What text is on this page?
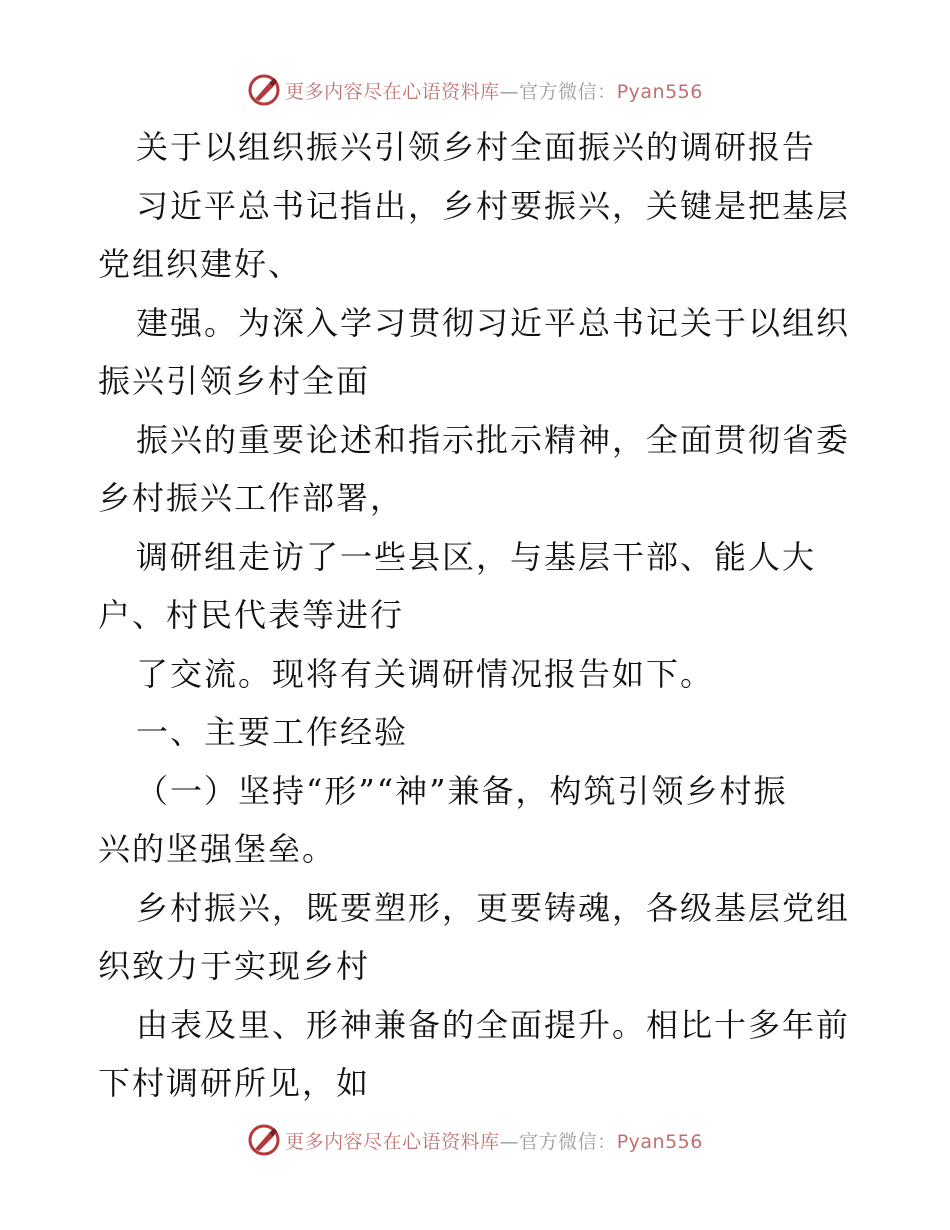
更多内容尽在心语资料库—官方微信：Pyan556
关于以组织振兴引领乡村全面振兴的调研报告
习近平总书记指出，乡村要振兴，关键是把基层
党组织建好、
建强。为深入学习贯彻习近平总书记关于以组织
振兴引领乡村全面
振兴的重要论述和指示批示精神，全面贯彻省委
乡村振兴工作部署，
调研组走访了一些县区，与基层干部、能人大
户、村民代表等进行
了交流。现将有关调研情况报告如下。
一、主要工作经验
（一）坚持“形”“神”兼备，构筑引领乡村振
兴的坚强堡垒。
乡村振兴，既要塑形，更要铸魂，各级基层党组
织致力于实现乡村
由表及里、形神兼备的全面提升。相比十多年前
下村调研所见，如
更多内容尽在心语资料库—官方微信：Pyan556
